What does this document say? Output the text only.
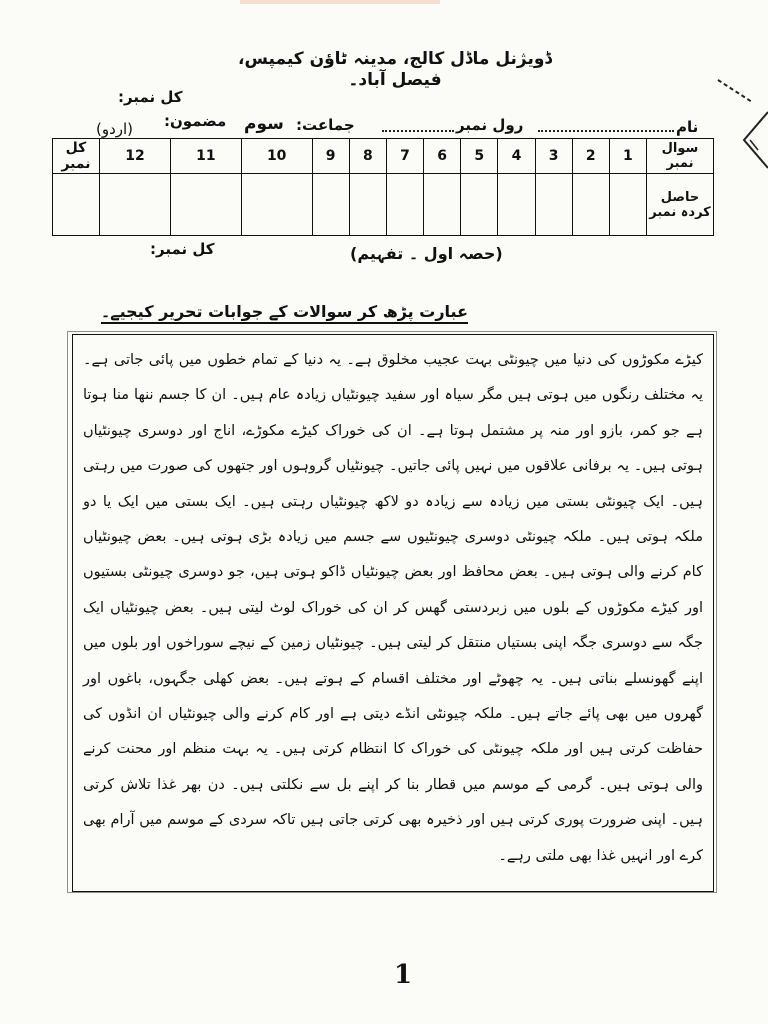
ڈویژنل ماڈل کالج، مدینہ ٹاؤن کیمپس، فیصل آباد۔
کل نمبر:
نام
رول نمبر
جماعت:
سوم
مضمون:
(اردو)
سوال نمبر	1	2	3	4	5	6	7	8	9	10	11	12	کل نمبر
حاصل کردہ نمبر													
کل نمبر:	(حصہ اول ۔ تفہیم)
عبارت پڑھ کر سوالات کے جوابات تحریر کیجیے۔

کیڑے مکوڑوں کی دنیا میں چیونٹی بہت عجیب مخلوق ہے۔ یہ دنیا کے تمام خطوں میں پائی جاتی ہے۔ یہ مختلف رنگوں میں ہوتی ہیں مگر سیاہ اور سفید چیونٹیاں زیادہ عام ہیں۔ ان کا جسم ننھا منا ہوتا ہے جو کمر، بازو اور منہ پر مشتمل ہوتا ہے۔ ان کی خوراک کیڑے مکوڑے، اناج اور دوسری چیونٹیاں ہوتی ہیں۔ یہ برفانی علاقوں میں نہیں پائی جاتیں۔ چیونٹیاں گروہوں اور جتھوں کی صورت میں رہتی ہیں۔ ایک چیونٹی بستی میں زیادہ سے زیادہ دو لاکھ چیونٹیاں رہتی ہیں۔ ایک بستی میں ایک یا دو ملکہ ہوتی ہیں۔ ملکہ چیونٹی دوسری چیونٹیوں سے جسم میں زیادہ بڑی ہوتی ہیں۔ بعض چیونٹیاں کام کرنے والی ہوتی ہیں۔ بعض محافظ اور بعض چیونٹیاں ڈاکو ہوتی ہیں، جو دوسری چیونٹی بستیوں اور کیڑے مکوڑوں کے بلوں میں زبردستی گھس کر ان کی خوراک لوٹ لیتی ہیں۔ بعض چیونٹیاں ایک جگہ سے دوسری جگہ اپنی بستیاں منتقل کر لیتی ہیں۔ چیونٹیاں زمین کے نیچے سوراخوں اور بلوں میں اپنے گھونسلے بناتی ہیں۔ یہ چھوٹے اور مختلف اقسام کے ہوتے ہیں۔ بعض کھلی جگہوں، باغوں اور گھروں میں بھی پائے جاتے ہیں۔ ملکہ چیونٹی انڈے دیتی ہے اور کام کرنے والی چیونٹیاں ان انڈوں کی حفاظت کرتی ہیں اور ملکہ چیونٹی کی خوراک کا انتظام کرتی ہیں۔ یہ بہت منظم اور محنت کرنے والی ہوتی ہیں۔ گرمی کے موسم میں قطار بنا کر اپنے بل سے نکلتی ہیں۔ دن بھر غذا تلاش کرتی ہیں۔ اپنی ضرورت پوری کرتی ہیں اور ذخیرہ بھی کرتی جاتی ہیں تاکہ سردی کے موسم میں آرام بھی کرے اور انہیں غذا بھی ملتی رہے۔

1
